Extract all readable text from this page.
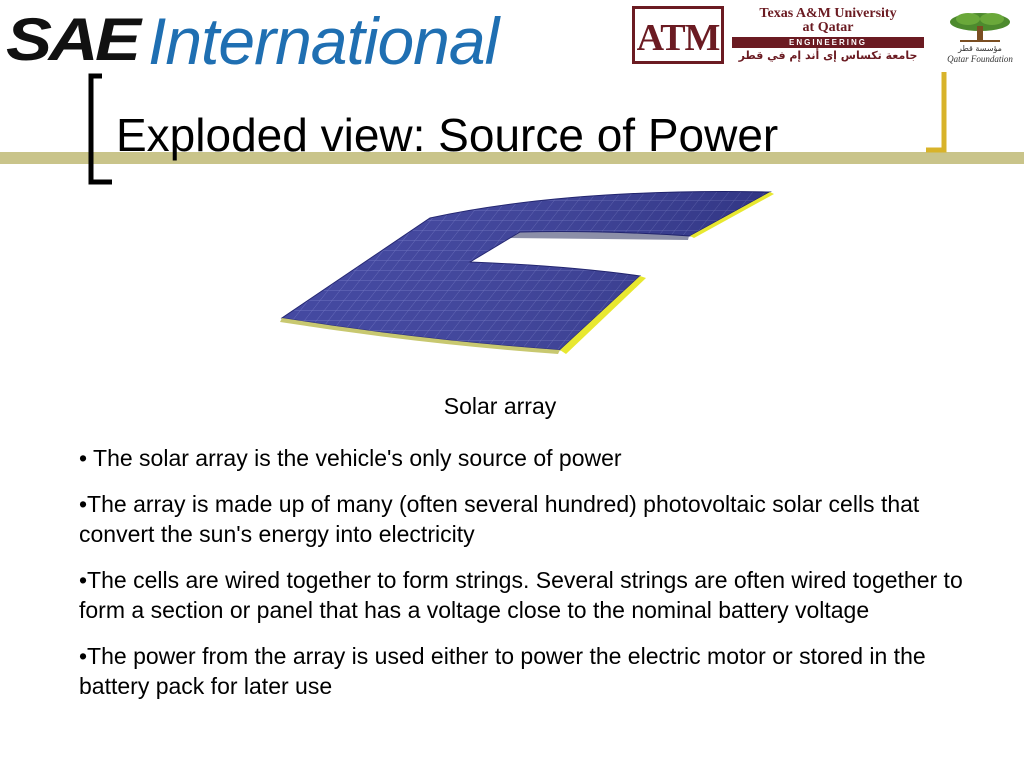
SAE International	ATM
Texas A&M University
at Qatar
ENGINEERING
جامعة تكساس إى أند إم في قطر
مؤسسة قطر
Qatar Foundation
Exploded view: Source of Power
Solar array
• The solar array is the vehicle's only source of power
•The array is made up of many (often several hundred) photovoltaic solar cells that convert the sun's energy into electricity
•The cells are wired together to form strings. Several strings are often wired together to form a section or panel that has a voltage close to the nominal battery voltage
•The power from the array is used either to power the electric motor or stored in the battery pack for later use
